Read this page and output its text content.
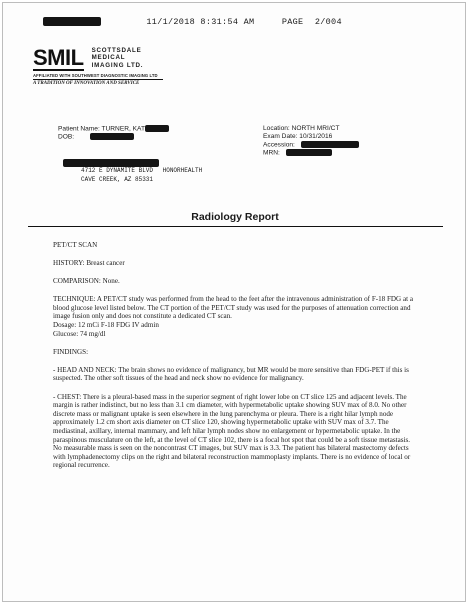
11/1/2018 8:31:54 AM	PAGE 2/004
SMIL SCOTTSDALE
MEDICAL
IMAGING LTD.
AFFILIATED WITH SOUTHWEST DIAGNOSTIC IMAGING LTD
A TRADITION OF INNOVATION AND SERVICE
Patient Name: TURNER, KAT
DOB:
Location: NORTH MRI/CT
Exam Date: 10/31/2016
Accession:
MRN:
4712 E DYNAMITE BLVD HONORHEALTH
CAVE CREEK, AZ 85331
Radiology Report

PET/CT SCAN

HISTORY: Breast cancer

COMPARISON: None.

TECHNIQUE: A PET/CT study was performed from the head to the feet after the intravenous administration of F-18 FDG at a blood glucose level listed below. The CT portion of the PET/CT study was used for the purposes of attenuation correction and image fusion only and does not constitute a dedicated CT scan.

Dosage: 12 mCi F-18 FDG IV admin

Glucose: 74 mg/dl

FINDINGS:

- HEAD AND NECK: The brain shows no evidence of malignancy, but MR would be more sensitive than FDG-PET if this is suspected. The other soft tissues of the head and neck show no evidence for malignancy.

- CHEST: There is a pleural-based mass in the superior segment of right lower lobe on CT slice 125 and adjacent levels. The margin is rather indistinct, but no less than 3.1 cm diameter, with hypermetabolic uptake showing SUV max of 8.0. No other discrete mass or malignant uptake is seen elsewhere in the lung parenchyma or pleura. There is a right hilar lymph node approximately 1.2 cm short axis diameter on CT slice 120, showing hypermetabolic uptake with SUV max of 3.7. The mediastinal, axillary, internal mammary, and left hilar lymph nodes show no enlargement or hypermetabolic uptake. In the paraspinous musculature on the left, at the level of CT slice 102, there is a focal hot spot that could be a soft tissue metastasis. No measurable mass is seen on the noncontrast CT images, but SUV max is 3.3. The patient has bilateral mastectomy defects with lymphadenectomy clips on the right and bilateral reconstruction mammoplasty implants. There is no evidence of local or regional recurrence.
